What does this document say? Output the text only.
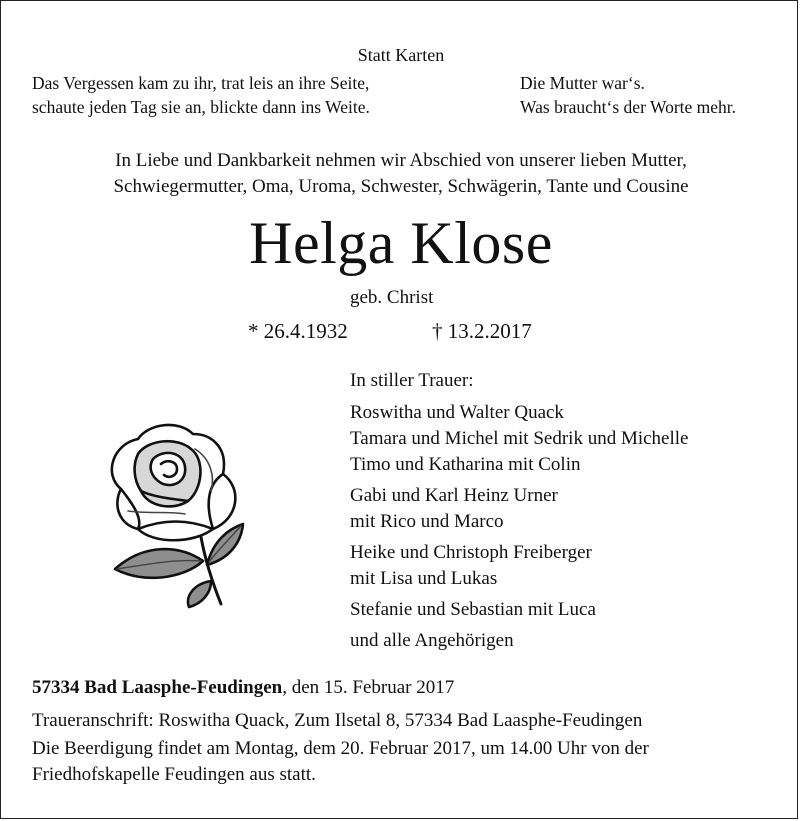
Statt Karten
Das Vergessen kam zu ihr, trat leis an ihre Seite,
schaute jeden Tag sie an, blickte dann ins Weite.
Die Mutter war‘s.
Was braucht‘s der Worte mehr.
In Liebe und Dankbarkeit nehmen wir Abschied von unserer lieben Mutter,
Schwiegermutter, Oma, Uroma, Schwester, Schwägerin, Tante und Cousine
Helga Klose
geb. Christ
* 26.4.1932	† 13.2.2017
In stiller Trauer:
Roswitha und Walter Quack
Tamara und Michel mit Sedrik und Michelle
Timo und Katharina mit Colin
Gabi und Karl Heinz Urner
mit Rico und Marco
Heike und Christoph Freiberger
mit Lisa und Lukas
Stefanie und Sebastian mit Luca
und alle Angehörigen
57334 Bad Laasphe-Feudingen, den 15. Februar 2017
Traueranschrift: Roswitha Quack, Zum Ilsetal 8, 57334 Bad Laasphe-Feudingen
Die Beerdigung findet am Montag, dem 20. Februar 2017, um 14.00 Uhr von der
Friedhofskapelle Feudingen aus statt.
